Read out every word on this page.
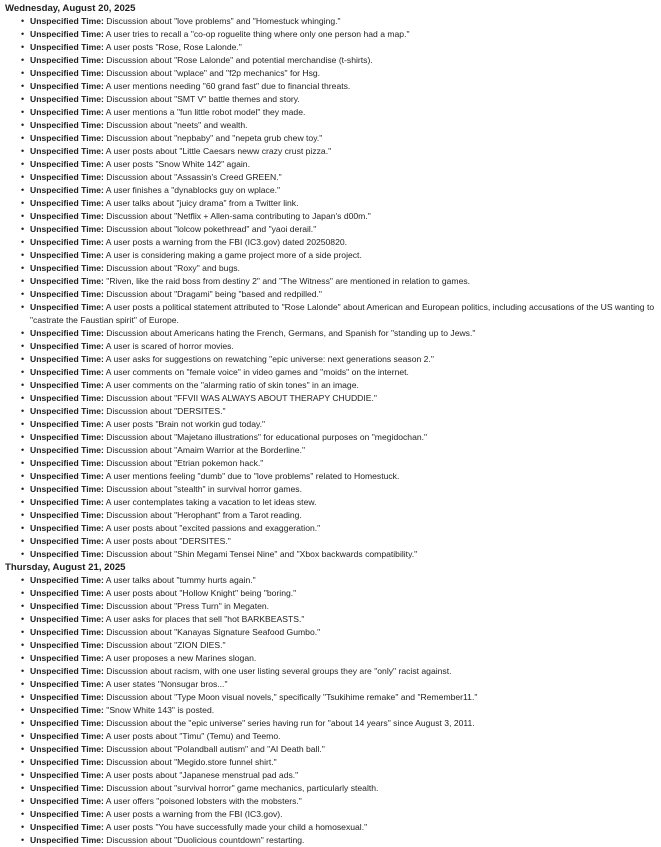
Wednesday, August 20, 2025
• Unspecified Time: Discussion about "love problems" and "Homestuck whinging."
• Unspecified Time: A user tries to recall a "co-op roguelite thing where only one person had a map."
• Unspecified Time: A user posts "Rose, Rose Lalonde."
• Unspecified Time: Discussion about "Rose Lalonde" and potential merchandise (t-shirts).
• Unspecified Time: Discussion about "wplace" and "f2p mechanics" for Hsg.
• Unspecified Time: A user mentions needing "60 grand fast" due to financial threats.
• Unspecified Time: Discussion about "SMT V" battle themes and story.
• Unspecified Time: A user mentions a "fun little robot model" they made.
• Unspecified Time: Discussion about "neets" and wealth.
• Unspecified Time: Discussion about "nepbaby" and "nepeta grub chew toy."
• Unspecified Time: A user posts about "Little Caesars neww crazy crust pizza."
• Unspecified Time: A user posts "Snow White 142" again.
• Unspecified Time: Discussion about "Assassin's Creed GREEN."
• Unspecified Time: A user finishes a "dynablocks guy on wplace."
• Unspecified Time: A user talks about "juicy drama" from a Twitter link.
• Unspecified Time: Discussion about "Netflix + Allen-sama contributing to Japan's d00m."
• Unspecified Time: Discussion about "lolcow pokethread" and "yaoi derail."
• Unspecified Time: A user posts a warning from the FBI (IC3.gov) dated 20250820.
• Unspecified Time: A user is considering making a game project more of a side project.
• Unspecified Time: Discussion about "Roxy" and bugs.
• Unspecified Time: "Riven, like the raid boss from destiny 2" and "The Witness" are mentioned in relation to games.
• Unspecified Time: Discussion about "Dragami" being "based and redpilled."
• Unspecified Time: A user posts a political statement attributed to "Rose Lalonde" about American and European politics, including accusations of the US wanting to "castrate the Faustian spirit" of Europe.
• Unspecified Time: Discussion about Americans hating the French, Germans, and Spanish for "standing up to Jews."
• Unspecified Time: A user is scared of horror movies.
• Unspecified Time: A user asks for suggestions on rewatching "epic universe: next generations season 2."
• Unspecified Time: A user comments on "female voice" in video games and "moids" on the internet.
• Unspecified Time: A user comments on the "alarming ratio of skin tones" in an image.
• Unspecified Time: Discussion about "FFVII WAS ALWAYS ABOUT THERAPY CHUDDIE."
• Unspecified Time: Discussion about "DERSITES."
• Unspecified Time: A user posts "Brain not workin gud today."
• Unspecified Time: Discussion about "Majetano illustrations" for educational purposes on "megidochan."
• Unspecified Time: Discussion about "Amaim Warrior at the Borderline."
• Unspecified Time: Discussion about "Etrian pokemon hack."
• Unspecified Time: A user mentions feeling "dumb" due to "love problems" related to Homestuck.
• Unspecified Time: Discussion about "stealth" in survival horror games.
• Unspecified Time: A user contemplates taking a vacation to let ideas stew.
• Unspecified Time: Discussion about "Herophant" from a Tarot reading.
• Unspecified Time: A user posts about "excited passions and exaggeration."
• Unspecified Time: A user posts about "DERSITES."
• Unspecified Time: Discussion about "Shin Megami Tensei Nine" and "Xbox backwards compatibility."
Thursday, August 21, 2025
• Unspecified Time: A user talks about "tummy hurts again."
• Unspecified Time: A user posts about "Hollow Knight" being "boring."
• Unspecified Time: Discussion about "Press Turn" in Megaten.
• Unspecified Time: A user asks for places that sell "hot BARKBEASTS."
• Unspecified Time: Discussion about "Kanayas Signature Seafood Gumbo."
• Unspecified Time: Discussion about "ZION DIES."
• Unspecified Time: A user proposes a new Marines slogan.
• Unspecified Time: Discussion about racism, with one user listing several groups they are "only" racist against.
• Unspecified Time: A user states "Nonsugar bros..."
• Unspecified Time: Discussion about "Type Moon visual novels," specifically "Tsukihime remake" and "Remember11."
• Unspecified Time: "Snow White 143" is posted.
• Unspecified Time: Discussion about the "epic universe" series having run for "about 14 years" since August 3, 2011.
• Unspecified Time: A user posts about "Timu" (Temu) and Teemo.
• Unspecified Time: Discussion about "Polandball autism" and "AI Death ball."
• Unspecified Time: Discussion about "Megido.store funnel shirt."
• Unspecified Time: A user posts about "Japanese menstrual pad ads."
• Unspecified Time: Discussion about "survival horror" game mechanics, particularly stealth.
• Unspecified Time: A user offers "poisoned lobsters with the mobsters."
• Unspecified Time: A user posts a warning from the FBI (IC3.gov).
• Unspecified Time: A user posts "You have successfully made your child a homosexual."
• Unspecified Time: Discussion about "Duolicious countdown" restarting.
